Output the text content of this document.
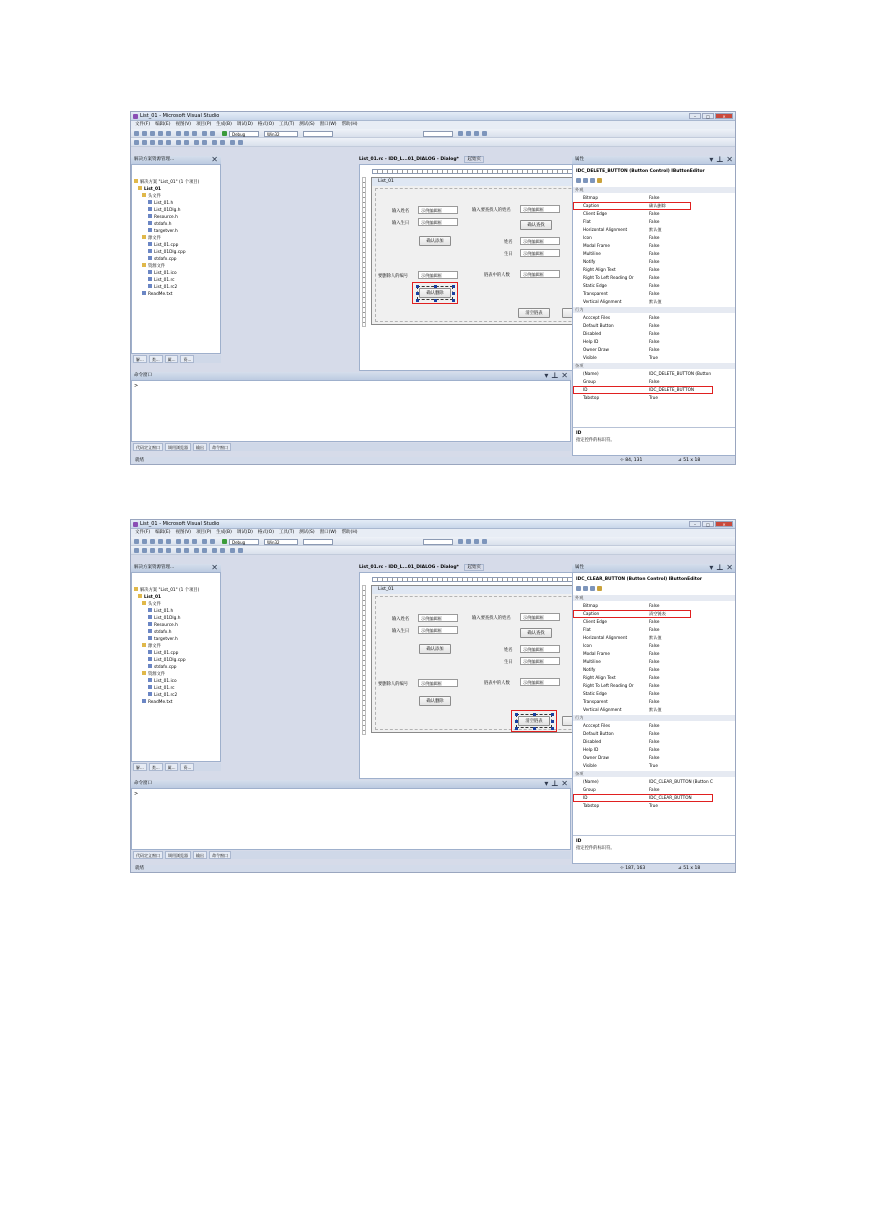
List_01 - Microsoft Visual Studio	–	□	✕
文件(F) 编辑(E) 视图(V) 项目(P) 生成(B) 调试(D) 格式(O) 工具(T) 测试(S) 窗口(W) 帮助(H)
Debug	Win32
解决方案资源管理...	✕
解决方案 "List_01" (1 个项目)
List_01
头文件
List_01.h
List_01Dlg.h
Resource.h
stdafx.h
targetver.h
源文件
List_01.cpp
List_01Dlg.cpp
stdafx.cpp
资源文件
List_01.ico
List_01.rc
List_01.rc2
ReadMe.txt
解...	类...	属...	资...
List_01.rc - IDD_L...01_DIALOG - Dialog* 起始页
List_01
输入姓名	示例编辑框
输入生日	示例编辑框
输入要查找人的姓名	示例编辑框
确认添加
确认查找
姓名	示例编辑框
生日	示例编辑框
要删除人的编号	示例编辑框	链表中的人数	示例编辑框
确认删除
清空链表
命令窗口	▾ ⊥ ✕
>
代码定义窗口	调用浏览器	输出	命令窗口
属性	▾ ⊥ ✕
IDC_DELETE_BUTTON (Button Control) IButtonEditor
外观
Bitmap	False
Caption	确认删除
Client Edge	False
Flat	False
Horizontal Alignment	默认值
Icon	False
Modal Frame	False
Multiline	False
Notify	False
Right Align Text	False
Right To Left Reading Or	False
Static Edge	False
Transparent	False
Vertical Alignment	默认值
行为
Acccept Files	False
Default Button	False
Disabled	False
Help ID	False
Owner Draw	False
Visible	True
杂项
(Name)	IDC_DELETE_BUTTON (Button
Group	False
ID	IDC_DELETE_BUTTON
Tabstop	True
ID
指定控件的标识符。
就绪	⊹ 84, 131	⊿ 51 x 18
List_01 - Microsoft Visual Studio	–	□	✕
文件(F) 编辑(E) 视图(V) 项目(P) 生成(B) 调试(D) 格式(O) 工具(T) 测试(S) 窗口(W) 帮助(H)
Debug	Win32
解决方案资源管理...	✕
解决方案 "List_01" (1 个项目)
List_01
头文件
List_01.h
List_01Dlg.h
Resource.h
stdafx.h
targetver.h
源文件
List_01.cpp
List_01Dlg.cpp
stdafx.cpp
资源文件
List_01.ico
List_01.rc
List_01.rc2
ReadMe.txt
解...	类...	属...	资...
List_01.rc - IDD_L...01_DIALOG - Dialog* 起始页
List_01
输入姓名	示例编辑框
输入生日	示例编辑框
输入要查找人的姓名	示例编辑框
确认添加
确认查找
姓名	示例编辑框
生日	示例编辑框
要删除人的编号	示例编辑框	链表中的人数	示例编辑框
确认删除
清空链表
命令窗口	▾ ⊥ ✕
>
代码定义窗口	调用浏览器	输出	命令窗口
属性	▾ ⊥ ✕
IDC_CLEAR_BUTTON (Button Control) IButtonEditor
外观
Bitmap	False
Caption	清空链表
Client Edge	False
Flat	False
Horizontal Alignment	默认值
Icon	False
Modal Frame	False
Multiline	False
Notify	False
Right Align Text	False
Right To Left Reading Or	False
Static Edge	False
Transparent	False
Vertical Alignment	默认值
行为
Acccept Files	False
Default Button	False
Disabled	False
Help ID	False
Owner Draw	False
Visible	True
杂项
(Name)	IDC_CLEAR_BUTTON (Button C
Group	False
ID	IDC_CLEAR_BUTTON
Tabstop	True
ID
指定控件的标识符。
就绪	⊹ 187, 163	⊿ 51 x 18
